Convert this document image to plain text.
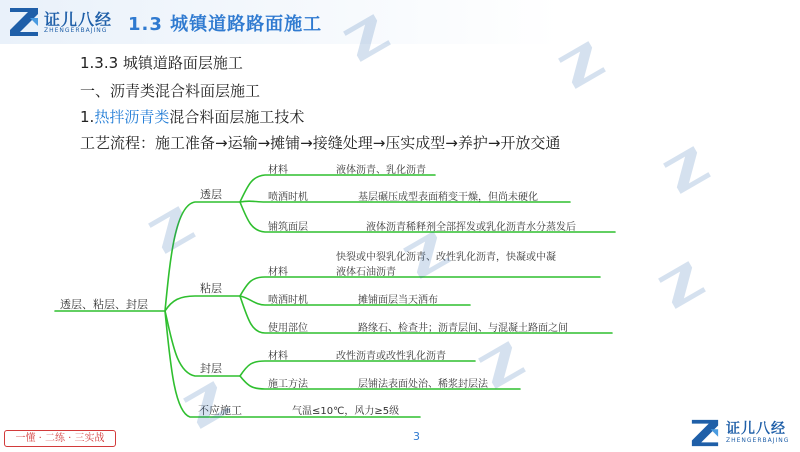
证儿八经
ZHENGERBAJING 1.3 城镇道路路面施工
1.3.3 城镇道路面层施工
一、沥青类混合料面层施工
1.热拌沥青类混合料面层施工技术
工艺流程：施工准备→运输→摊铺→接缝处理→压实成型→养护→开放交通
透层、粘层、封层
透层
材料	液体沥青、乳化沥青
喷洒时机	基层碾压成型表面稍变干燥，但尚未硬化
铺筑面层	液体沥青稀释剂全部挥发或乳化沥青水分蒸发后
粘层
材料
快裂或中裂乳化沥青、改性乳化沥青，快凝或中凝
液体石油沥青
喷洒时机	摊铺面层当天洒布
使用部位	路缘石、检查井；沥青层间、与混凝土路面之间
封层
材料	改性沥青或改性乳化沥青
施工方法	层铺法表面处治、稀浆封层法
不应施工	气温≤10℃，风力≥5级
一懂 · 二练 · 三实战	3	证儿八经
ZHENGERBAJING
